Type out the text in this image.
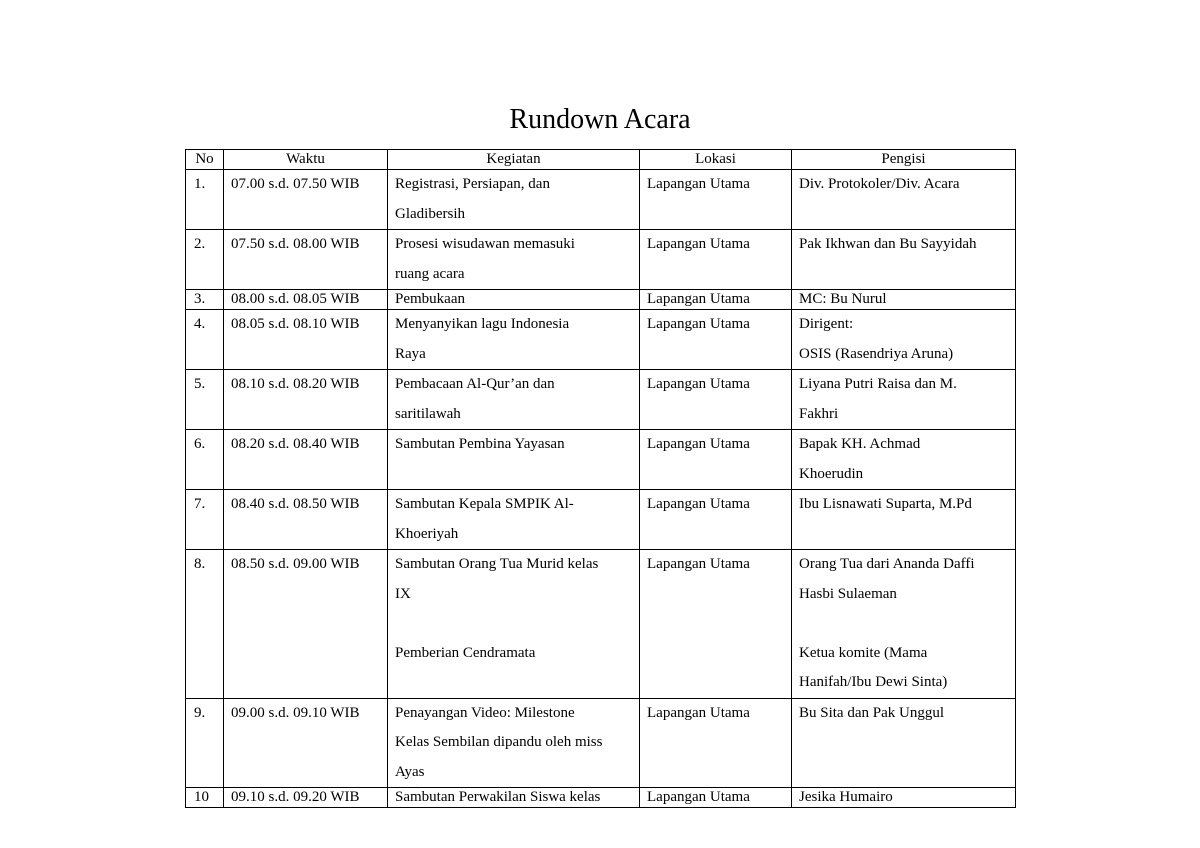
Rundown Acara
No	Waktu	Kegiatan	Lokasi	Pengisi
1.	07.00 s.d. 07.50 WIB	Registrasi, Persiapan, dan
Gladibersih	Lapangan Utama	Div. Protokoler/Div. Acara

2.	07.50 s.d. 08.00 WIB	Prosesi wisudawan memasuki
ruang acara	Lapangan Utama	Pak Ikhwan dan Bu Sayyidah

3.	08.00 s.d. 08.05 WIB	Pembukaan	Lapangan Utama	MC: Bu Nurul

4.	08.05 s.d. 08.10 WIB	Menyanyikan lagu Indonesia
Raya	Lapangan Utama	Dirigent:
OSIS (Rasendriya Aruna)

5.	08.10 s.d. 08.20 WIB	Pembacaan Al-Qur’an dan
saritilawah	Lapangan Utama	Liyana Putri Raisa dan M.
Fakhri

6.	08.20 s.d. 08.40 WIB	Sambutan Pembina Yayasan	Lapangan Utama	Bapak KH. Achmad
Khoerudin

7.	08.40 s.d. 08.50 WIB	Sambutan Kepala SMPIK Al-
Khoeriyah	Lapangan Utama	Ibu Lisnawati Suparta, M.Pd

8.	08.50 s.d. 09.00 WIB	Sambutan Orang Tua Murid kelas
IX
Pemberian Cendramata	Lapangan Utama	Orang Tua dari Ananda Daffi
Hasbi Sulaeman
Ketua komite (Mama
Hanifah/Ibu Dewi Sinta)

9.	09.00 s.d. 09.10 WIB	Penayangan Video: Milestone
Kelas Sembilan dipandu oleh miss
Ayas	Lapangan Utama	Bu Sita dan Pak Unggul

10	09.10 s.d. 09.20 WIB	Sambutan Perwakilan Siswa kelas	Lapangan Utama	Jesika Humairo
